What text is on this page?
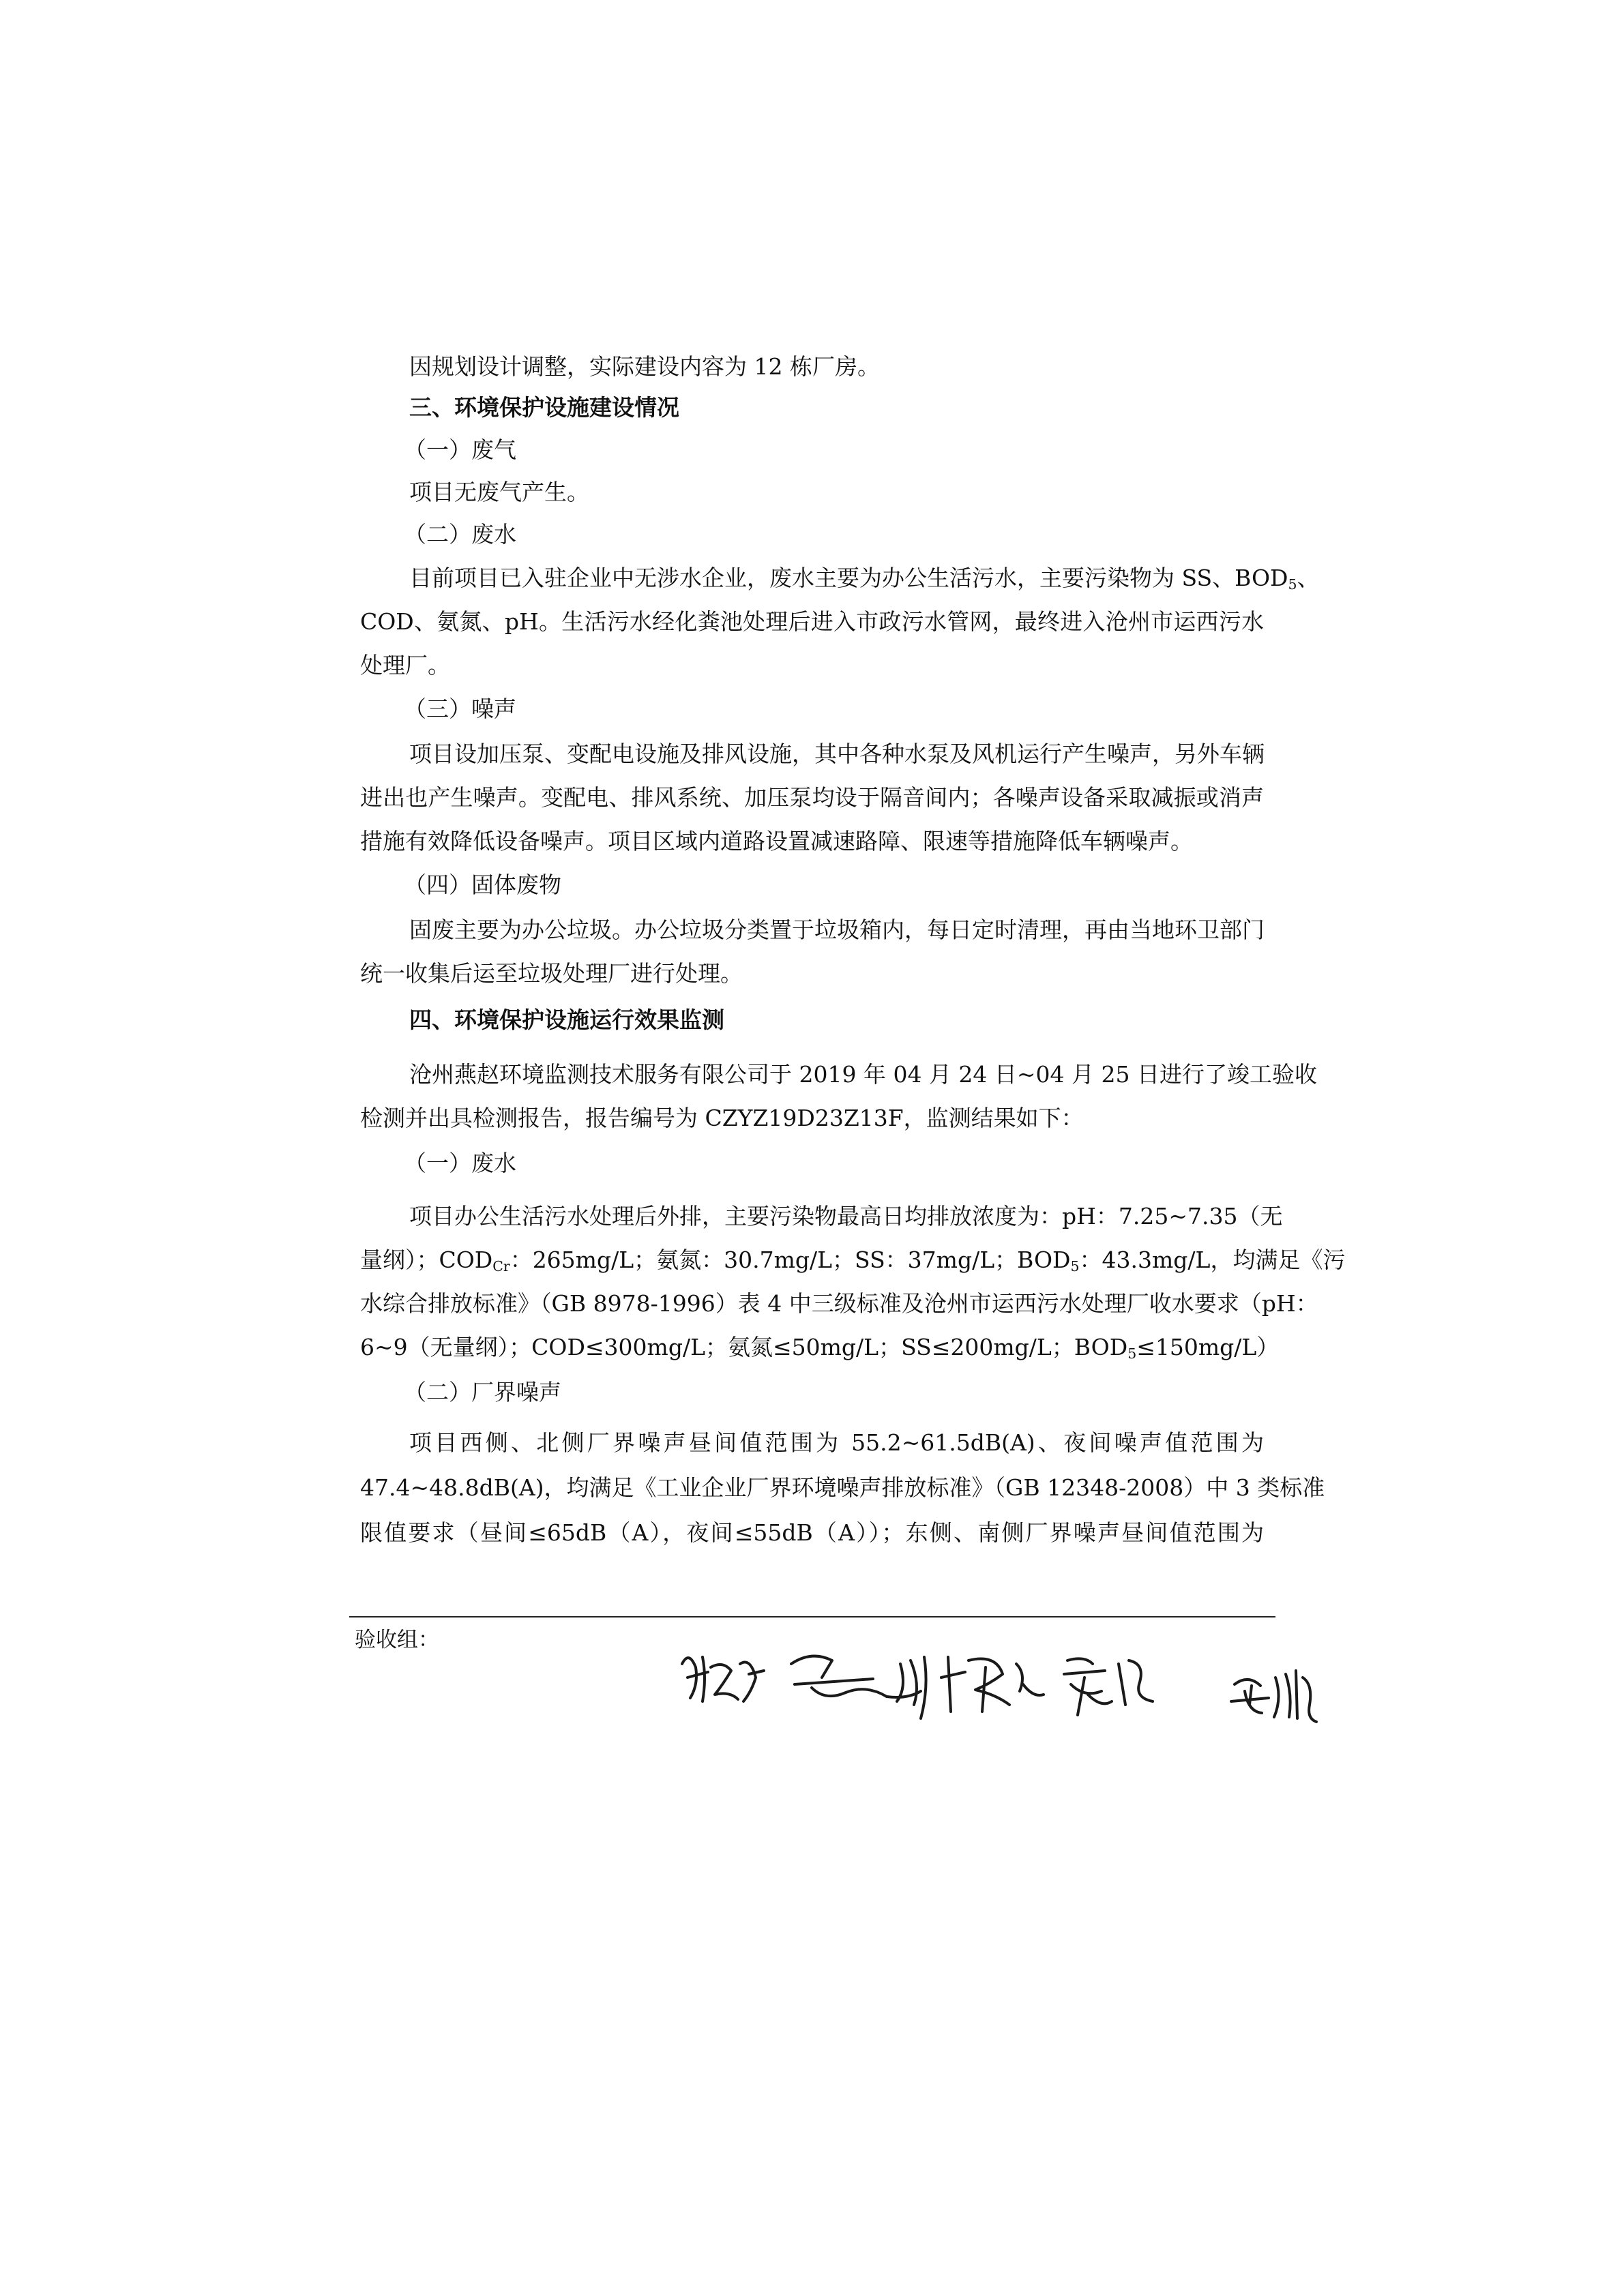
因规划设计调整，实际建设内容为 12 栋厂房。
三、环境保护设施建设情况
（一）废气
项目无废气产生。
（二）废水
目前项目已入驻企业中无涉水企业，废水主要为办公生活污水，主要污染物为 SS、$BOD_5$、
COD、氨氮、pH。生活污水经化粪池处理后进入市政污水管网，最终进入沧州市运西污水
处理厂。
（三）噪声
项目设加压泵、变配电设施及排风设施，其中各种水泵及风机运行产生噪声，另外车辆
进出也产生噪声。变配电、排风系统、加压泵均设于隔音间内；各噪声设备采取减振或消声
措施有效降低设备噪声。项目区域内道路设置减速路障、限速等措施降低车辆噪声。
（四）固体废物
固废主要为办公垃圾。办公垃圾分类置于垃圾箱内，每日定时清理，再由当地环卫部门
统一收集后运至垃圾处理厂进行处理。
四、环境保护设施运行效果监测
沧州燕赵环境监测技术服务有限公司于 2019 年 04 月 24 日~04 月 25 日进行了竣工验收
检测并出具检测报告，报告编号为 CZYZ19D23Z13F，监测结果如下：
（一）废水
项目办公生活污水处理后外排，主要污染物最高日均排放浓度为：pH：7.25~7.35（无
量纲）；$COD_{Cr}$：265mg/L；氨氮：30.7mg/L；SS：37mg/L；$BOD_5$：43.3mg/L，均满足《污
水综合排放标准》（GB 8978-1996）表 4 中三级标准及沧州市运西污水处理厂收水要求（pH：
6~9（无量纲）；COD≤300mg/L；氨氮≤50mg/L；SS≤200mg/L；$BOD_5\le 150mg/L$）
（二）厂界噪声
项目西侧、北侧厂界噪声昼间值范围为 55.2~61.5dB(A)、夜间噪声值范围为
47.4~48.8dB(A)，均满足《工业企业厂界环境噪声排放标准》（GB 12348-2008）中 3 类标准
限值要求（昼间≤65dB（A），夜间≤55dB（A））；东侧、南侧厂界噪声昼间值范围为
验收组：
